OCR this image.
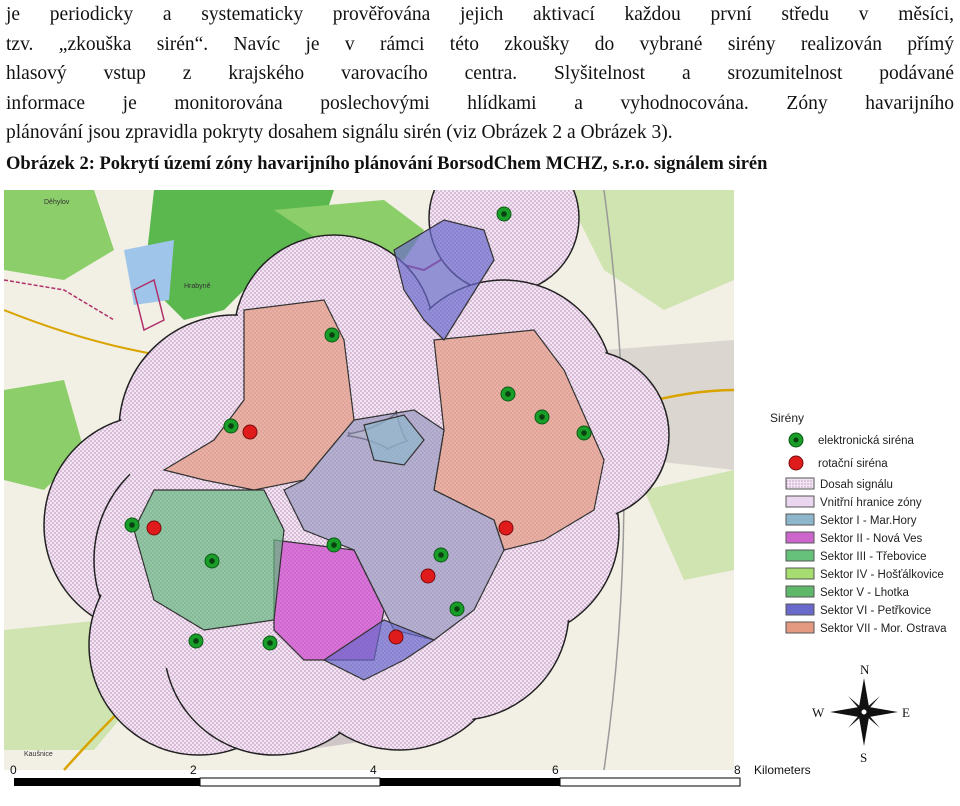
je periodicky a systematicky prověřována jejich aktivací každou první středu v měsíci,
tzv. „zkouška sirén“. Navíc je v rámci této zkoušky do vybrané sirény realizován přímý
hlasový vstup z krajského varovacího centra. Slyšitelnost a srozumitelnost podávané
informace je monitorována poslechovými hlídkami a vyhodnocována. Zóny havarijního
plánování jsou zpravidla pokryty dosahem signálu sirén (viz Obrázek 2 a Obrázek 3).
Obrázek 2: Pokrytí území zóny havarijního plánování BorsodChem MCHZ, s.r.o. signálem sirén
Děhylov
Hrabyně
Kaušnice
Sirény
elektronická siréna
rotační siréna
Dosah signálu
Vnitřní hranice zóny
Sektor I - Mar.Hory
Sektor II - Nová Ves
Sektor III - Třebovice
Sektor IV - Hošťálkovice
Sektor V - Lhotka
Sektor VI - Petřkovice
Sektor VII - Mor. Ostrava
N
S
E
W
0	2	4	6	8 Kilometers
